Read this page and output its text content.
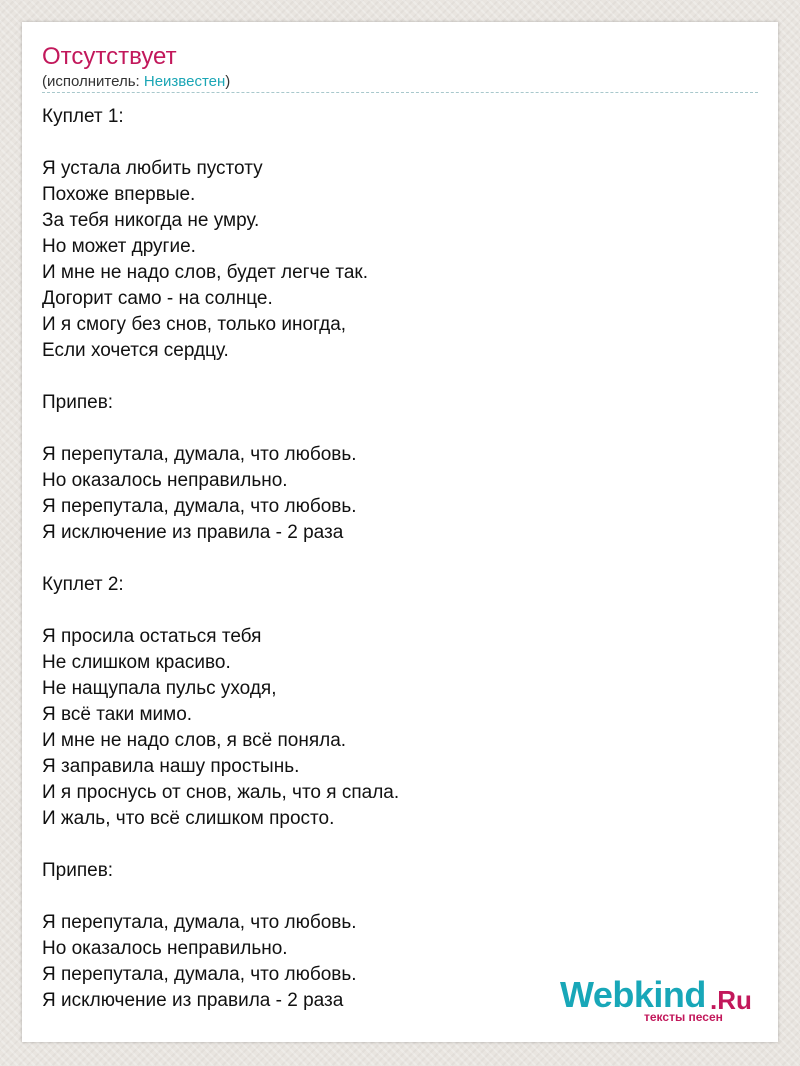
Отсутствует
(исполнитель: Неизвестен)
Куплет 1:
Я устала любить пустоту
Похоже впервые.
За тебя никогда не умру.
Но может другие.
И мне не надо слов, будет легче так.
Догорит само - на солнце.
И я смогу без снов, только иногда,
Если хочется сердцу.
Припев:
Я перепутала, думала, что любовь.
Но оказалось неправильно.
Я перепутала, думала, что любовь.
Я исключение из правила - 2 раза
Куплет 2:
Я просила остаться тебя
Не слишком красиво.
Не нащупала пульс уходя,
Я всё таки мимо.
И мне не надо слов, я всё поняла.
Я заправила нашу простынь.
И я проснусь от снов, жаль, что я спала.
И жаль, что всё слишком просто.
Припев:
Я перепутала, думала, что любовь.
Но оказалось неправильно.
Я перепутала, думала, что любовь.
Я исключение из правила - 2 раза	Webkind .Ru
тексты песен
